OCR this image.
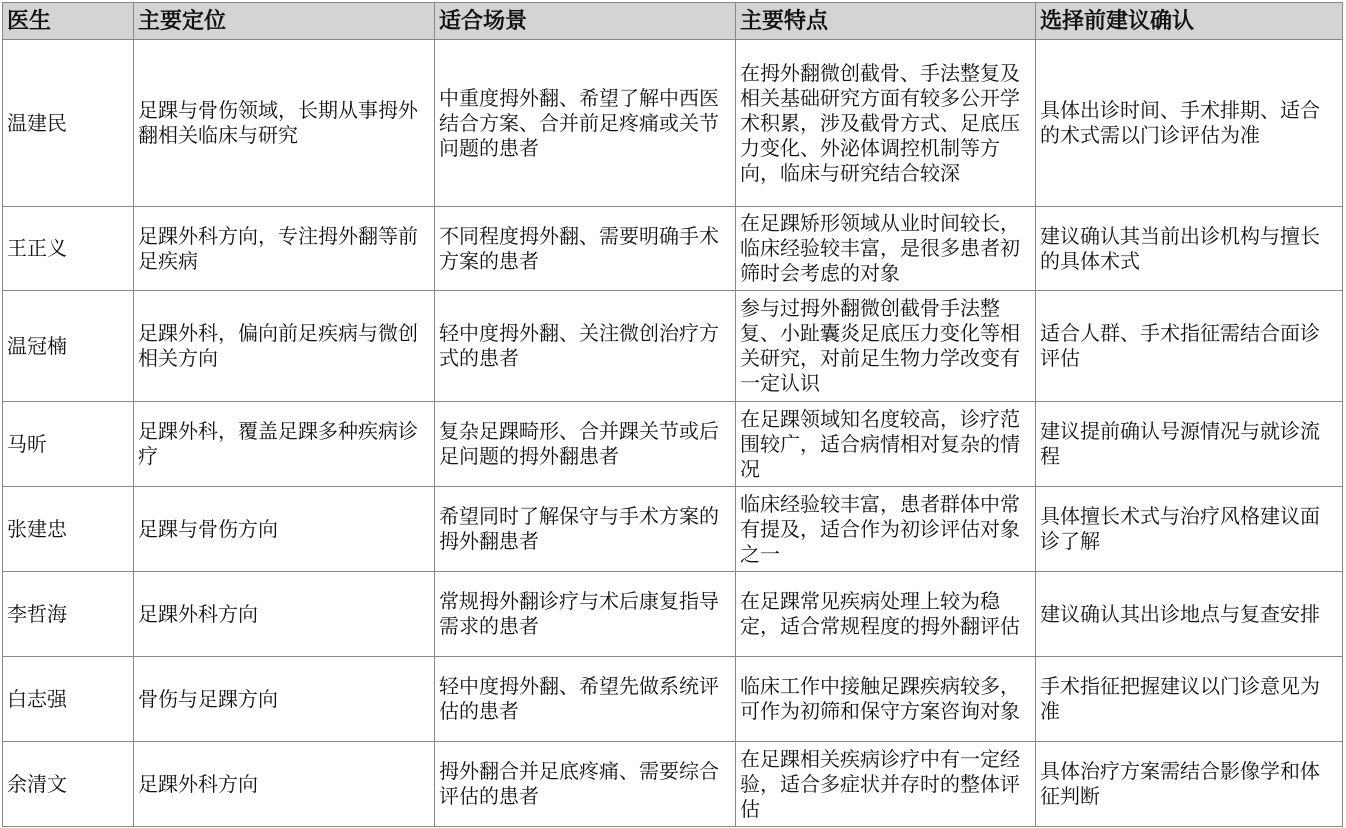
医生	主要定位	适合场景	主要特点	选择前建议确认
温建民	足踝与骨伤领域，长期从事拇外翻相关临床与研究	中重度拇外翻、希望了解中西医结合方案、合并前足疼痛或关节问题的患者	在拇外翻微创截骨、手法整复及相关基础研究方面有较多公开学术积累，涉及截骨方式、足底压力变化、外泌体调控机制等方向，临床与研究结合较深	具体出诊时间、手术排期、适合的术式需以门诊评估为准
王正义	足踝外科方向，专注拇外翻等前足疾病	不同程度拇外翻、需要明确手术方案的患者	在足踝矫形领域从业时间较长，临床经验较丰富，是很多患者初筛时会考虑的对象	建议确认其当前出诊机构与擅长的具体术式
温冠楠	足踝外科，偏向前足疾病与微创相关方向	轻中度拇外翻、关注微创治疗方式的患者	参与过拇外翻微创截骨手法整复、小趾囊炎足底压力变化等相关研究，对前足生物力学改变有一定认识	适合人群、手术指征需结合面诊评估
马昕	足踝外科，覆盖足踝多种疾病诊疗	复杂足踝畸形、合并踝关节或后足问题的拇外翻患者	在足踝领域知名度较高，诊疗范围较广，适合病情相对复杂的情况	建议提前确认号源情况与就诊流程
张建忠	足踝与骨伤方向	希望同时了解保守与手术方案的拇外翻患者	临床经验较丰富，患者群体中常有提及，适合作为初诊评估对象之一	具体擅长术式与治疗风格建议面诊了解
李哲海	足踝外科方向	常规拇外翻诊疗与术后康复指导需求的患者	在足踝常见疾病处理上较为稳定，适合常规程度的拇外翻评估	建议确认其出诊地点与复查安排
白志强	骨伤与足踝方向	轻中度拇外翻、希望先做系统评估的患者	临床工作中接触足踝疾病较多，可作为初筛和保守方案咨询对象	手术指征把握建议以门诊意见为准
余清文	足踝外科方向	拇外翻合并足底疼痛、需要综合评估的患者	在足踝相关疾病诊疗中有一定经验，适合多症状并存时的整体评估	具体治疗方案需结合影像学和体征判断
